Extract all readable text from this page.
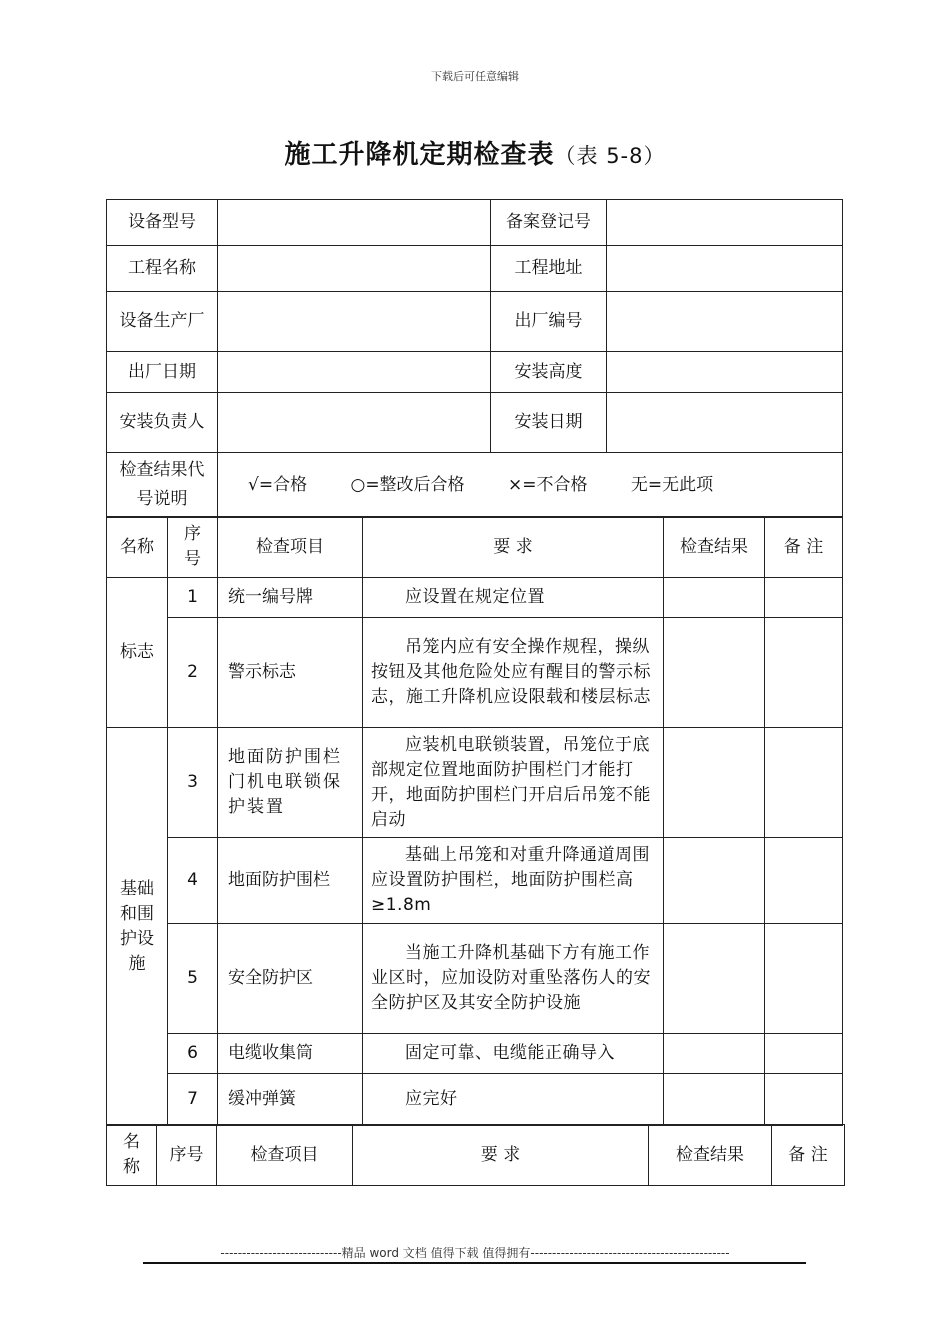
下载后可任意编辑
施工升降机定期检查表（表 5-8）
设备型号		备案登记号	
工程名称		工程地址	
设备生产厂		出厂编号	
出厂日期		安装高度	
安装负责人		安装日期	
检查结果代号说明	√=合格 ○=整改后合格 ×=不合格 无=无此项		
名称	序号	检查项目	要 求	检查结果	备 注
标志	1	统一编号牌	应设置在规定位置		
	2	警示标志	吊笼内应有安全操作规程，操纵按钮及其他危险处应有醒目的警示标志，施工升降机应设限载和楼层标志		
基础和围护设施	3	地面防护围栏门机电联锁保护装置	应装机电联锁装置，吊笼位于底部规定位置地面防护围栏门才能打开，地面防护围栏门开启后吊笼不能启动		
	4	地面防护围栏	基础上吊笼和对重升降通道周围应设置防护围栏，地面防护围栏高≥1.8m		
	5	安全防护区	当施工升降机基础下方有施工作业区时，应加设防对重坠落伤人的安全防护区及其安全防护设施		
	6	电缆收集筒	固定可靠、电缆能正确导入		
	7	缓冲弹簧	应完好		
名称	序号	检查项目	要 求	检查结果	备 注
----------------------------精品 word 文档 值得下载 值得拥有----------------------------------------------
